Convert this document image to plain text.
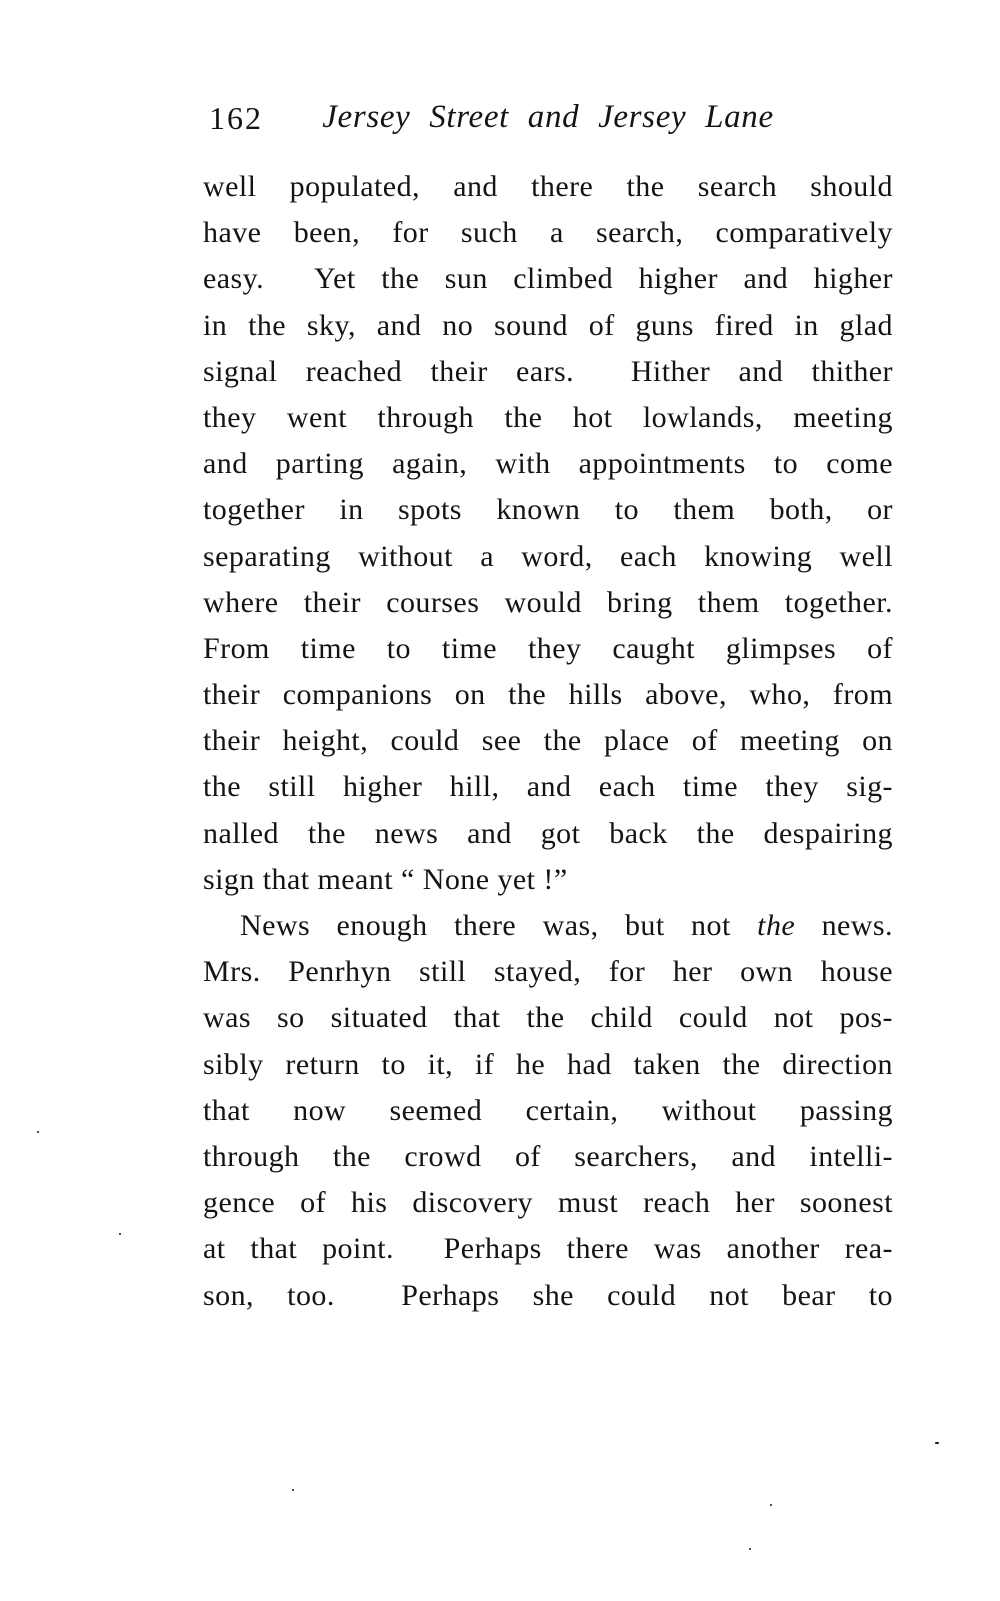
162	Jersey Street and Jersey Lane
well populated, and there the search should
have been, for such a search, comparatively
easy.  Yet the sun climbed higher and higher
in the sky, and no sound of guns fired in glad
signal reached their ears.  Hither and thither
they went through the hot lowlands, meeting
and parting again, with appointments to come
together in spots known to them both, or
separating without a word, each knowing well
where their courses would bring them together.
From time to time they caught glimpses of
their companions on the hills above, who, from
their height, could see the place of meeting on
the still higher hill, and each time they sig-
nalled the news and got back the despairing
sign that meant “ None yet !”
News enough there was, but not the news.
Mrs. Penrhyn still stayed, for her own house
was so situated that the child could not pos-
sibly return to it, if he had taken the direction
that now seemed certain, without passing
through the crowd of searchers, and intelli-
gence of his discovery must reach her soonest
at that point.  Perhaps there was another rea-
son, too.  Perhaps she could not bear to
